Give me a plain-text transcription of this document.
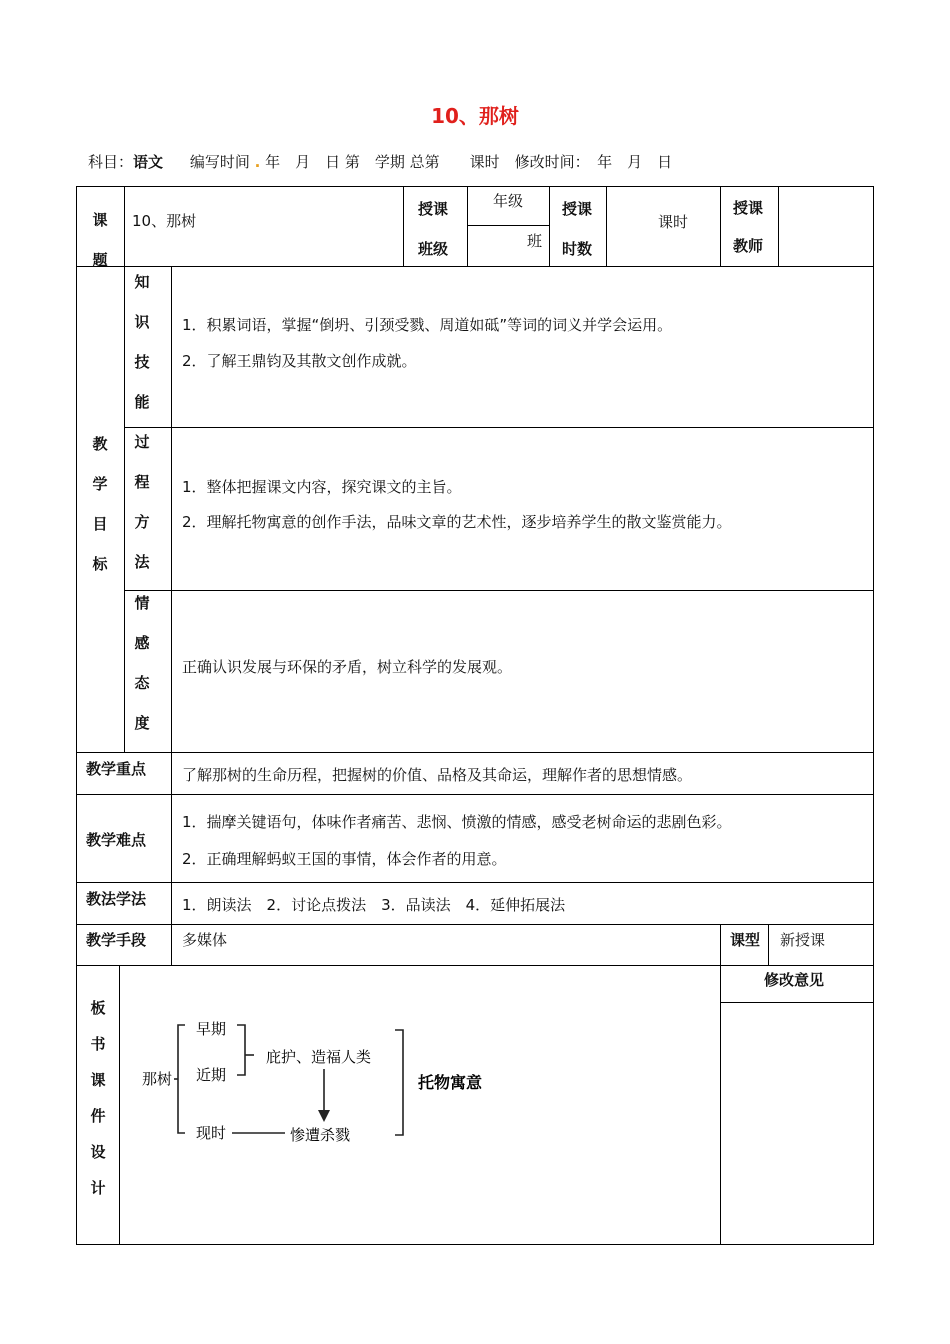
10、那树
科目：语文 编写时间 . 年　月　日 第　学期 总第　　课时　修改时间：　年　月　日
课
题
10、那树
授课
班级
年级
班
授课
时数
课时
授课
教师
教
学
目
标
知
识
技
能
1．积累词语，掌握“倒坍、引颈受戮、周道如砥”等词的词义并学会运用。
2．了解王鼎钧及其散文创作成就。
过
程
方
法
1．整体把握课文内容，探究课文的主旨。
2．理解托物寓意的创作手法，品味文章的艺术性，逐步培养学生的散文鉴赏能力。
情
感
态
度
正确认识发展与环保的矛盾，树立科学的发展观。
教学重点 了解那树的生命历程，把握树的价值、品格及其命运，理解作者的思想情感。
教学难点
1．揣摩关键语句，体味作者痛苦、悲悯、愤激的情感，感受老树命运的悲剧色彩。
2．正确理解蚂蚁王国的事情，体会作者的用意。
教法学法 1．朗读法　2．讨论点拨法　3．品读法　4．延伸拓展法
教学手段 多媒体	课型 新授课
板
书
课
件
设
计
修改意见
那树
早期
近期
现时
庇护、造福人类
惨遭杀戮
托物寓意
